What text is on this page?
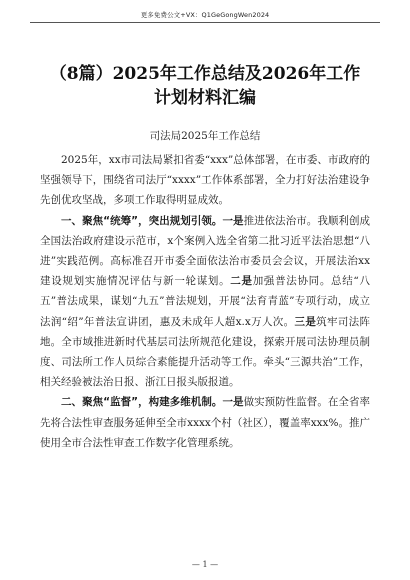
更多免费公文+VX：Q1GeGongWen2024
（8篇）2025年工作总结及2026年工作
计划材料汇编
司法局2025年工作总结

2025年，xx市司法局紧扣省委“xxx”总体部署，在市委、市政府的坚强领导下，围绕省司法厅“xxxx”工作体系部署，全力打好法治建设争先创优攻坚战，多项工作取得明显成效。

一、聚焦“统筹”，突出规划引领。一是推进依法治市。我顺利创成全国法治政府建设示范市，x个案例入选全省第二批习近平法治思想“八进”实践范例。高标准召开市委全面依法治市委员会会议，开展法治xx建设规划实施情况评估与新一轮谋划。二是加强普法协同。总结“八五”普法成果，谋划“九五”普法规划，开展“法育青蓝”专项行动，成立法润“绍”年普法宣讲团，惠及未成年人超x.x万人次。三是筑牢司法阵地。全市域推进新时代基层司法所规范化建设，探索开展司法协理员制度、司法所工作人员综合素能提升活动等工作。牵头“三源共治”工作，相关经验被法治日报、浙江日报头版报道。

二、聚焦“监督”，构建多维机制。一是做实预防性监督。在全省率先将合法性审查服务延伸至全市xxxx个村（社区），覆盖率xxx%。推广使用全市合法性审查工作数字化管理系统。

— 1 —
